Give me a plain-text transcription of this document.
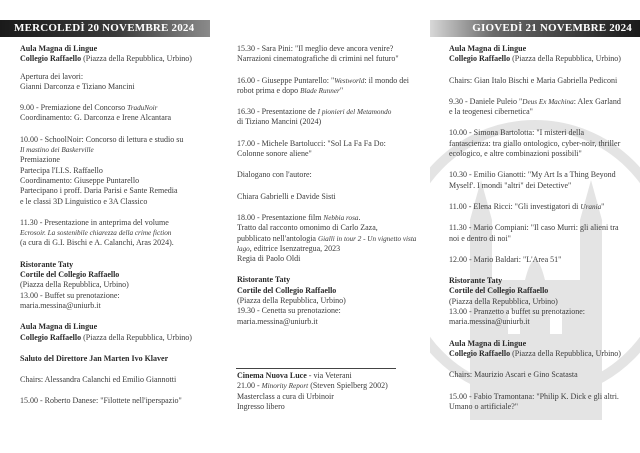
MERCOLEDÌ 20 NOVEMBRE 2024	GIOVEDÌ 21 NOVEMBRE 2024
Aula Magna di Lingue
Collegio Raffaello (Piazza della Repubblica, Urbino)
Apertura dei lavori:
Gianni Darconza e Tiziano Mancini
9.00 - Premiazione del Concorso TraduNoir
Coordinamento: G. Darconza e Irene Alcantara
10.00 - SchoolNoir: Concorso di lettura e studio su
Il mastino dei Baskerville
Premiazione
Partecipa l'I.I.S. Raffaello
Coordinamento: Giuseppe Puntarello
Partecipano i proff. Daria Parisi e Sante Remedia
e le classi 3D Linguistico e 3A Classico
11.30 - Presentazione in anteprima del volume
Ecrosoir. La sostenibile chiarezza della crime fiction
(a cura di G.I. Bischi e A. Calanchi, Aras 2024).
Ristorante Taty
Cortile del Collegio Raffaello
(Piazza della Repubblica, Urbino)
13.00 - Buffet su prenotazione:
maria.messina@uniurb.it
Aula Magna di Lingue
Collegio Raffaello (Piazza della Repubblica, Urbino)
Saluto del Direttore Jan Marten Ivo Klaver
Chairs: Alessandra Calanchi ed Emilio Giannotti
15.00 - Roberto Danese: "Filottete nell'iperspazio"
15.30 - Sara Pini: "Il meglio deve ancora venire?
Narrazioni cinematografiche di crimini nel futuro"
16.00 - Giuseppe Puntarello: "Westworld: il mondo dei
robot prima e dopo Blade Runner"
16.30 - Presentazione de I pionieri del Metamondo
di Tiziano Mancini (2024)
17.00 - Michele Bartolucci: "Sol La Fa Fa Do:
Colonne sonore aliene"
Dialogano con l'autore:
Chiara Gabrielli e Davide Sisti
18.00 - Presentazione film Nebbia rosa.
Tratto dal racconto omonimo di Carlo Zaza,
pubblicato nell'antologia Gialli in tour 2 - Un vignetto vista
lago, editrice Isenzatregua, 2023
Regia di Paolo Oldi
Ristorante Taty
Cortile del Collegio Raffaello
(Piazza della Repubblica, Urbino)
19.30 - Cenetta su prenotazione:
maria.messina@uniurb.it
Cinema Nuova Luce - via Veterani
21.00 - Minority Report (Steven Spielberg 2002)
Masterclass a cura di Urbinoir
Ingresso libero
Aula Magna di Lingue
Collegio Raffaello (Piazza della Repubblica, Urbino)
Chairs: Gian Italo Bischi e Maria Gabriella Pediconi
9.30 - Daniele Puleio "Deus Ex Machina: Alex Garland
e la teogenesi cibernetica"
10.00 - Simona Bartolotta: "I misteri della
fantascienza: tra giallo ontologico, cyber-noir, thriller
ecologico, e altre combinazioni possibili"
10.30 - Emilio Gianotti: "My Art Is a Thing Beyond
Myself'. I mondi "altri" dei Detective"
11.00 - Elena Ricci: "Gli investigatori di Urania"
11.30 - Mario Compiani: "Il caso Murri: gli alieni tra
noi e dentro di noi"
12.00 - Mario Baldari: "L'Area 51"
Ristorante Taty
Cortile del Collegio Raffaello
(Piazza della Repubblica, Urbino)
13.00 - Pranzetto a buffet su prenotazione:
maria.messina@uniurb.it
Aula Magna di Lingue
Collegio Raffaello (Piazza della Repubblica, Urbino)
Chairs: Maurizio Ascari e Gino Scatasta
15.00 - Fabio Tramontana: "Philip K. Dick e gli altri.
Umano o artificiale?"
